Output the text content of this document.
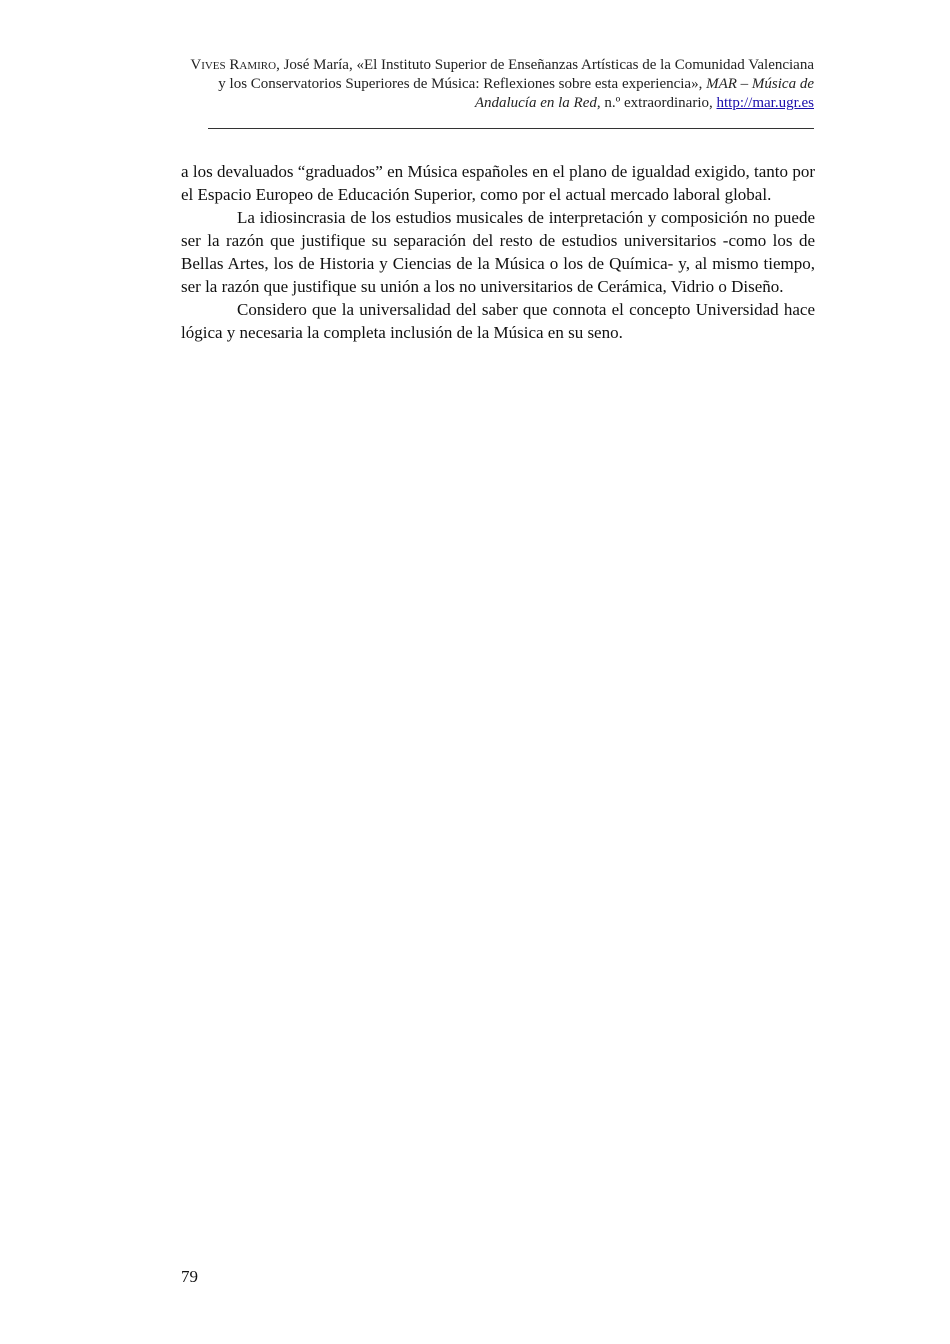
Vives Ramiro, José María, «El Instituto Superior de Enseñanzas Artísticas de la Comunidad Valenciana y los Conservatorios Superiores de Música: Reflexiones sobre esta experiencia», MAR – Música de Andalucía en la Red, n.º extraordinario, http://mar.ugr.es

a los devaluados “graduados” en Música españoles en el plano de igualdad exigido, tanto por el Espacio Europeo de Educación Superior, como por el actual mercado laboral global.

La idiosincrasia de los estudios musicales de interpretación y composición no puede ser la razón que justifique su separación del resto de estudios universitarios -como los de Bellas Artes, los de Historia y Ciencias de la Música o los de Química- y, al mismo tiempo, ser la razón que justifique su unión a los no universitarios de Cerámica, Vidrio o Diseño.

Considero que la universalidad del saber que connota el concepto Universidad hace lógica y necesaria la completa inclusión de la Música en su seno.

79
